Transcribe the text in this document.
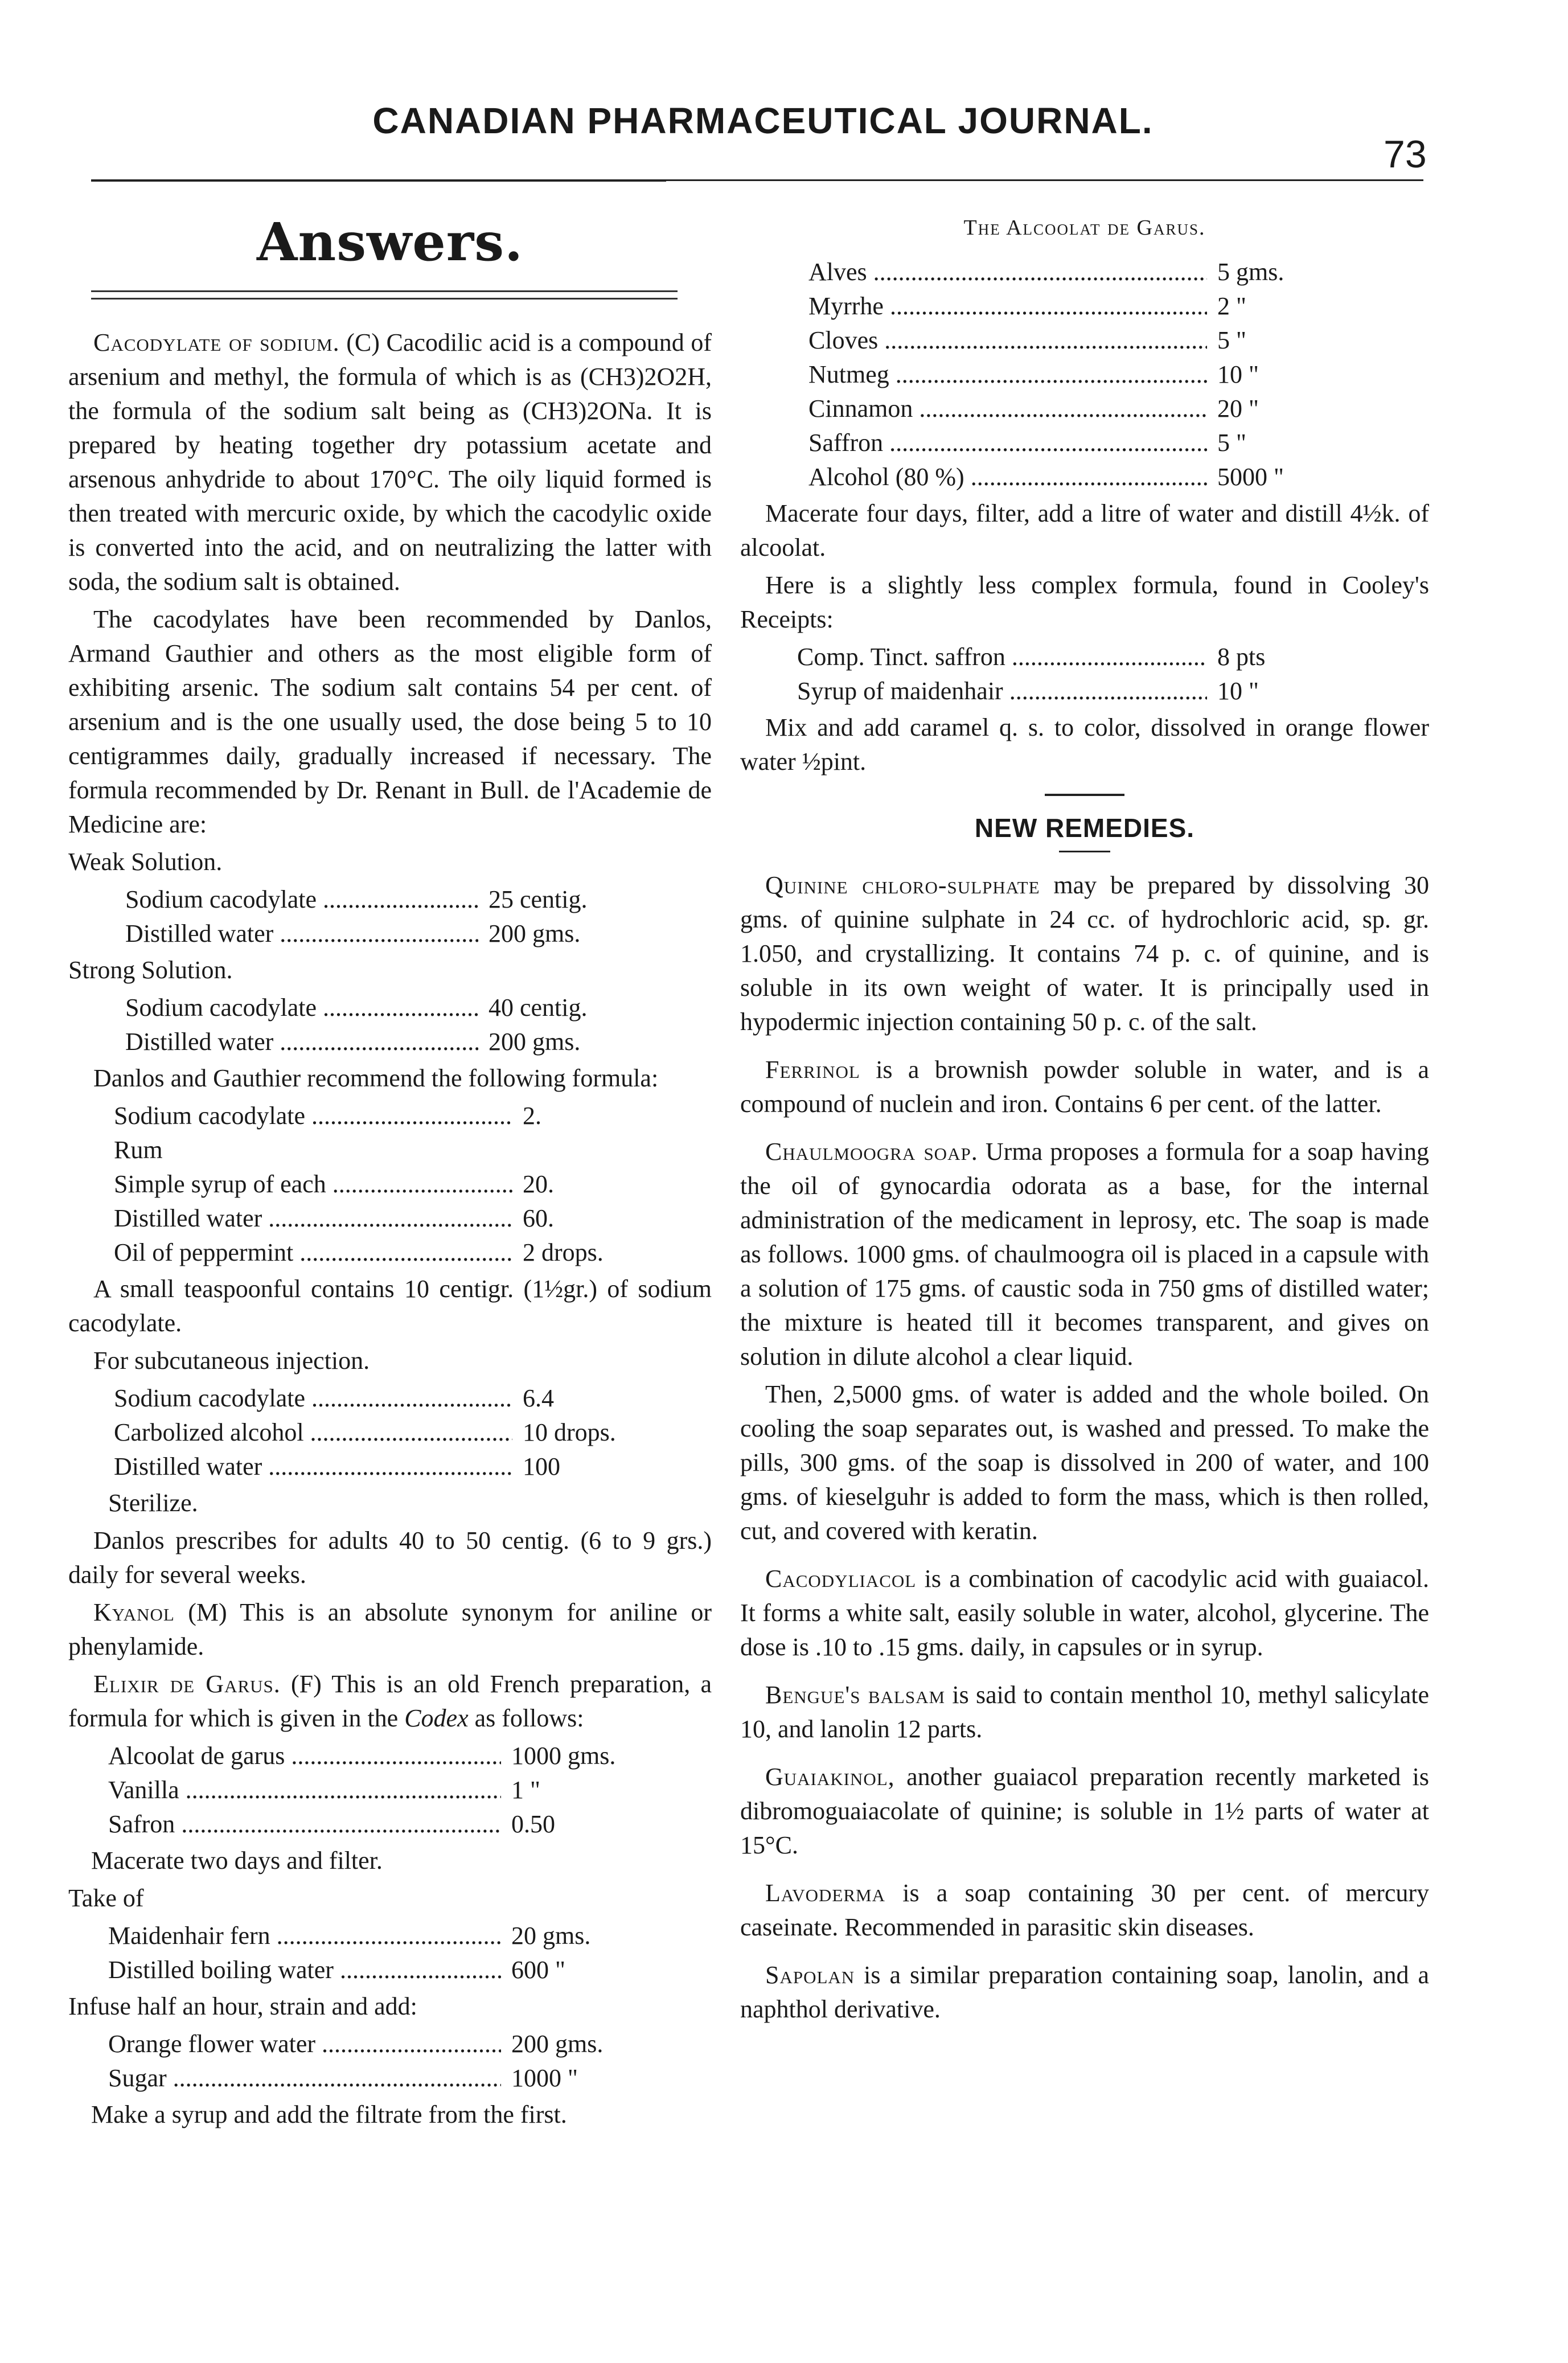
CANADIAN PHARMACEUTICAL JOURNAL.
73
Answers.

Cacodylate of sodium. (C) Cacodilic acid is a compound of arsenium and methyl, the formula of which is as (CH3)2O2H, the formula of the sodium salt being as (CH3)2ONa. It is prepared by heating together dry potassium acetate and arsenous anhydride to about 170°C. The oily liquid formed is then treated with mercuric oxide, by which the cacodylic oxide is converted into the acid, and on neutralizing the latter with soda, the sodium salt is obtained.

The cacodylates have been recommended by Danlos, Armand Gauthier and others as the most eligible form of exhibiting arsenic. The sodium salt contains 54 per cent. of arsenium and is the one usually used, the dose being 5 to 10 centigrammes daily, gradually increased if necessary. The formula recommended by Dr. Renant in Bull. de l'Academie de Medicine are:

Weak Solution.

Sodium cacodylate .....	25 centig.
Distilled water .....	200 gms.

Strong Solution.

Sodium cacodylate .....	40 centig.
Distilled water .....	200 gms.

Danlos and Gauthier recommend the following formula:

Sodium cacodylate .....	2.
Rum
Simple syrup of each .....	20.
Distilled water .....	60.
Oil of peppermint .....	2 drops.

A small teaspoonful contains 10 centigr. (1½gr.) of sodium cacodylate.

For subcutaneous injection.

Sodium cacodylate .....	6.4
Carbolized alcohol .....	10 drops.
Distilled water .....	100

Sterilize.

Danlos prescribes for adults 40 to 50 centig. (6 to 9 grs.) daily for several weeks.

Kyanol (M) This is an absolute synonym for aniline or phenylamide.

Elixir de Garus. (F) This is an old French preparation, a formula for which is given in the Codex as follows:

Alcoolat de garus .....	1000 gms.
Vanilla .....	1 "
Safron .....	0.50

Macerate two days and filter.

Take of

Maidenhair fern .....	20 gms.
Distilled boiling water .....	600 "

Infuse half an hour, strain and add:

Orange flower water .....	200 gms.
Sugar .....	1000 "

Make a syrup and add the filtrate from the first.

The Alcoolat de Garus.
Alves .....	5 gms.
Myrrhe .....	2 "
Cloves .....	5 "
Nutmeg .....	10 "
Cinnamon .....	20 "
Saffron .....	5 "
Alcohol (80 %) .....	5000 "

Macerate four days, filter, add a litre of water and distill 4½k. of alcoolat.

Here is a slightly less complex formula, found in Cooley's Receipts:

Comp. Tinct. saffron .....	8 pts
Syrup of maidenhair .....	10 "

Mix and add caramel q. s. to color, dissolved in orange flower water ½pint.

NEW REMEDIES.

Quinine chloro-sulphate may be prepared by dissolving 30 gms. of quinine sulphate in 24 cc. of hydrochloric acid, sp. gr. 1.050, and crystallizing. It contains 74 p. c. of quinine, and is soluble in its own weight of water. It is principally used in hypodermic injection containing 50 p. c. of the salt.

Ferrinol is a brownish powder soluble in water, and is a compound of nuclein and iron. Contains 6 per cent. of the latter.

Chaulmoogra soap. Urma proposes a formula for a soap having the oil of gynocardia odorata as a base, for the internal administration of the medicament in leprosy, etc. The soap is made as follows. 1000 gms. of chaulmoogra oil is placed in a capsule with a solution of 175 gms. of caustic soda in 750 gms of distilled water; the mixture is heated till it becomes transparent, and gives on solution in dilute alcohol a clear liquid.

Then, 2,5000 gms. of water is added and the whole boiled. On cooling the soap separates out, is washed and pressed. To make the pills, 300 gms. of the soap is dissolved in 200 of water, and 100 gms. of kieselguhr is added to form the mass, which is then rolled, cut, and covered with keratin.

Cacodyliacol is a combination of cacodylic acid with guaiacol. It forms a white salt, easily soluble in water, alcohol, glycerine. The dose is .10 to .15 gms. daily, in capsules or in syrup.

Bengue's balsam is said to contain menthol 10, methyl salicylate 10, and lanolin 12 parts.

Guaiakinol, another guaiacol preparation recently marketed is dibromoguaiacolate of quinine; is soluble in 1½ parts of water at 15°C.

Lavoderma is a soap containing 30 per cent. of mercury caseinate. Recommended in parasitic skin diseases.

Sapolan is a similar preparation containing soap, lanolin, and a naphthol derivative.
